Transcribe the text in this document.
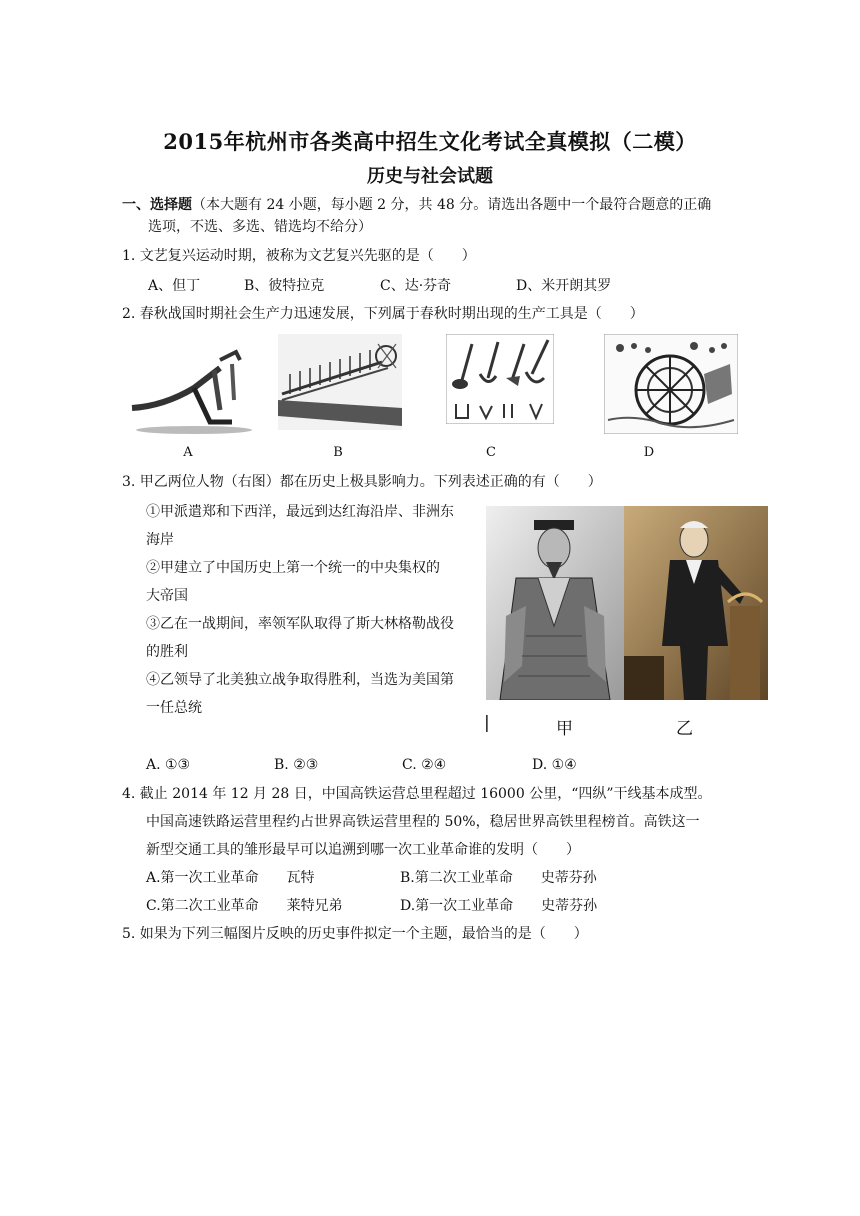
2015年杭州市各类高中招生文化考试全真模拟（二模）
历史与社会试题
一、选择题（本大题有 24 小题，每小题 2 分，共 48 分。请选出各题中一个最符合题意的正确
选项，不选、多选、错选均不给分）
1. 文艺复兴运动时期，被称为文艺复兴先驱的是（　　）
A、但丁	B、彼特拉克	C、达·芬奇	D、米开朗其罗
2. 春秋战国时期社会生产力迅速发展，下列属于春秋时期出现的生产工具是（　　）
A	B	C	D
3. 甲乙两位人物（右图）都在历史上极具影响力。下列表述正确的有（　　）
①甲派遣郑和下西洋，最远到达红海沿岸、非洲东
海岸
②甲建立了中国历史上第一个统一的中央集权的
大帝国
③乙在一战期间，率领军队取得了斯大林格勒战役
的胜利
④乙领导了北美独立战争取得胜利，当选为美国第
一任总统
|	甲	乙
A. ①③	B. ②③	C. ②④	D. ①④
4. 截止 2014 年 12 月 28 日，中国高铁运营总里程超过 16000 公里，“四纵”干线基本成型。
中国高速铁路运营里程约占世界高铁运营里程的 50%，稳居世界高铁里程榜首。高铁这一
新型交通工具的雏形最早可以追溯到哪一次工业革命谁的发明（　　）
A.第一次工业革命　　瓦特	B.第二次工业革命　　史蒂芬孙
C.第二次工业革命　　莱特兄弟	D.第一次工业革命　　史蒂芬孙
5. 如果为下列三幅图片反映的历史事件拟定一个主题，最恰当的是（　　）
